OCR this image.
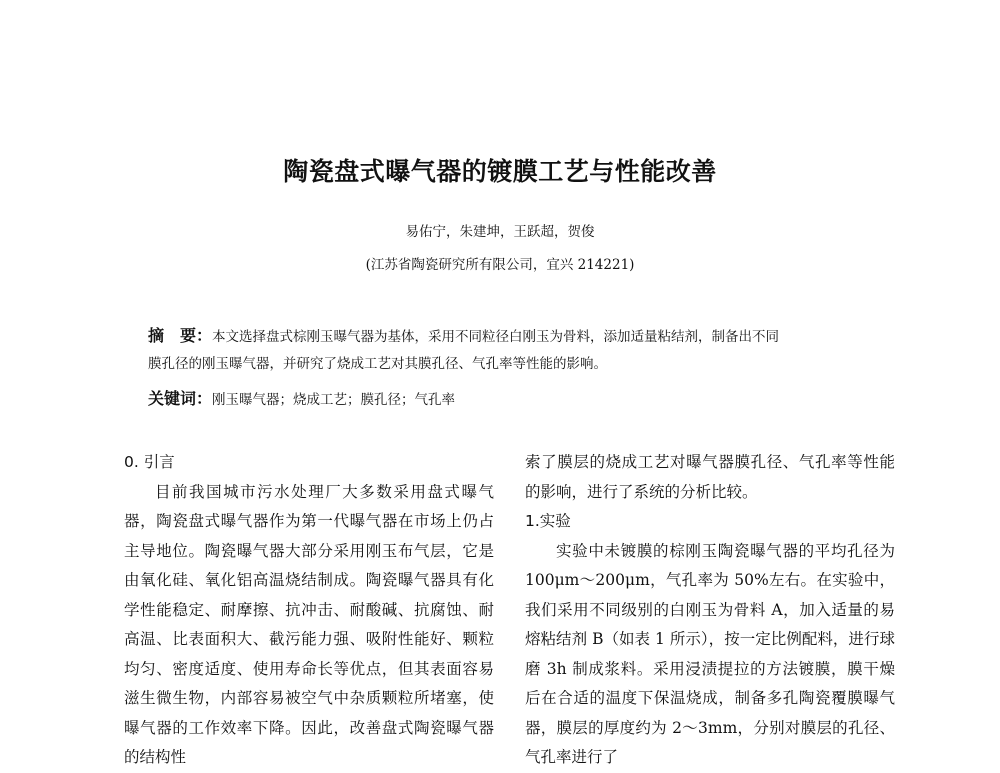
陶瓷盘式曝气器的镀膜工艺与性能改善
易佑宁，朱建坤，王跃超，贺俊
(江苏省陶瓷研究所有限公司，宜兴 214221)
摘　要：本文选择盘式棕刚玉曝气器为基体，采用不同粒径白刚玉为骨料，添加适量粘结剂，制备出不同
膜孔径的刚玉曝气器，并研究了烧成工艺对其膜孔径、气孔率等性能的影响。
关键词：刚玉曝气器；烧成工艺；膜孔径；气孔率

0. 引言

目前我国城市污水处理厂大多数采用盘式曝气器，陶瓷盘式曝气器作为第一代曝气器在市场上仍占主导地位。陶瓷曝气器大部分采用刚玉布气层，它是由氧化硅、氧化铝高温烧结制成。陶瓷曝气器具有化学性能稳定、耐摩擦、抗冲击、耐酸碱、抗腐蚀、耐高温、比表面积大、截污能力强、吸附性能好、颗粒均匀、密度适度、使用寿命长等优点，但其表面容易滋生微生物，内部容易被空气中杂质颗粒所堵塞，使曝气器的工作效率下降。因此，改善盘式陶瓷曝气器的结构性

索了膜层的烧成工艺对曝气器膜孔径、气孔率等性能的影响，进行了系统的分析比较。

1.实验

实验中未镀膜的棕刚玉陶瓷曝气器的平均孔径为 100μm～200μm，气孔率为 50%左右。在实验中，我们采用不同级别的白刚玉为骨料 A，加入适量的易熔粘结剂 B（如表 1 所示），按一定比例配料，进行球磨 3h 制成浆料。采用浸渍提拉的方法镀膜，膜干燥后在合适的温度下保温烧成，制备多孔陶瓷覆膜曝气器，膜层的厚度约为 2～3mm，分别对膜层的孔径、气孔率进行了
